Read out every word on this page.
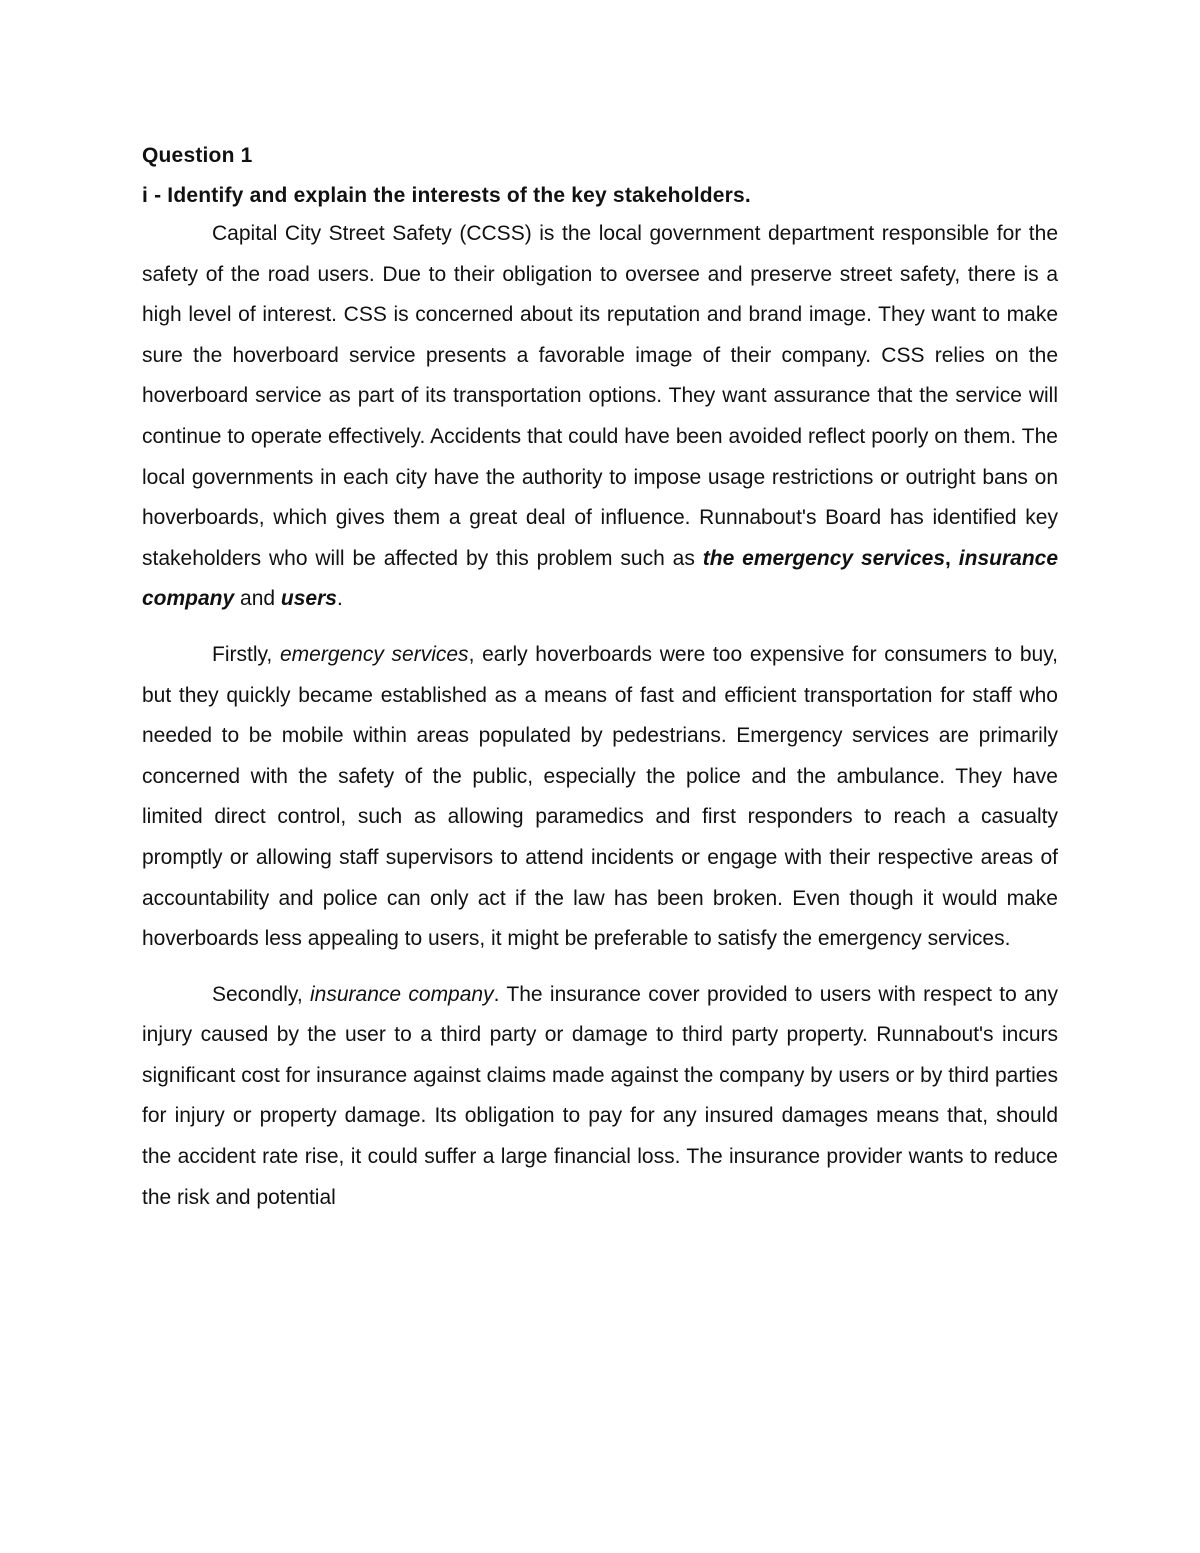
Question 1

i - Identify and explain the interests of the key stakeholders.

Capital City Street Safety (CCSS) is the local government department responsible for the safety of the road users. Due to their obligation to oversee and preserve street safety, there is a high level of interest. CSS is concerned about its reputation and brand image. They want to make sure the hoverboard service presents a favorable image of their company. CSS relies on the hoverboard service as part of its transportation options. They want assurance that the service will continue to operate effectively. Accidents that could have been avoided reflect poorly on them. The local governments in each city have the authority to impose usage restrictions or outright bans on hoverboards, which gives them a great deal of influence. Runnabout's Board has identified key stakeholders who will be affected by this problem such as the emergency services, insurance company and users.

Firstly, emergency services, early hoverboards were too expensive for consumers to buy, but they quickly became established as a means of fast and efficient transportation for staff who needed to be mobile within areas populated by pedestrians. Emergency services are primarily concerned with the safety of the public, especially the police and the ambulance. They have limited direct control, such as allowing paramedics and first responders to reach a casualty promptly or allowing staff supervisors to attend incidents or engage with their respective areas of accountability and police can only act if the law has been broken. Even though it would make hoverboards less appealing to users, it might be preferable to satisfy the emergency services.

Secondly, insurance company. The insurance cover provided to users with respect to any injury caused by the user to a third party or damage to third party property. Runnabout's incurs significant cost for insurance against claims made against the company by users or by third parties for injury or property damage. Its obligation to pay for any insured damages means that, should the accident rate rise, it could suffer a large financial loss. The insurance provider wants to reduce the risk and potential
